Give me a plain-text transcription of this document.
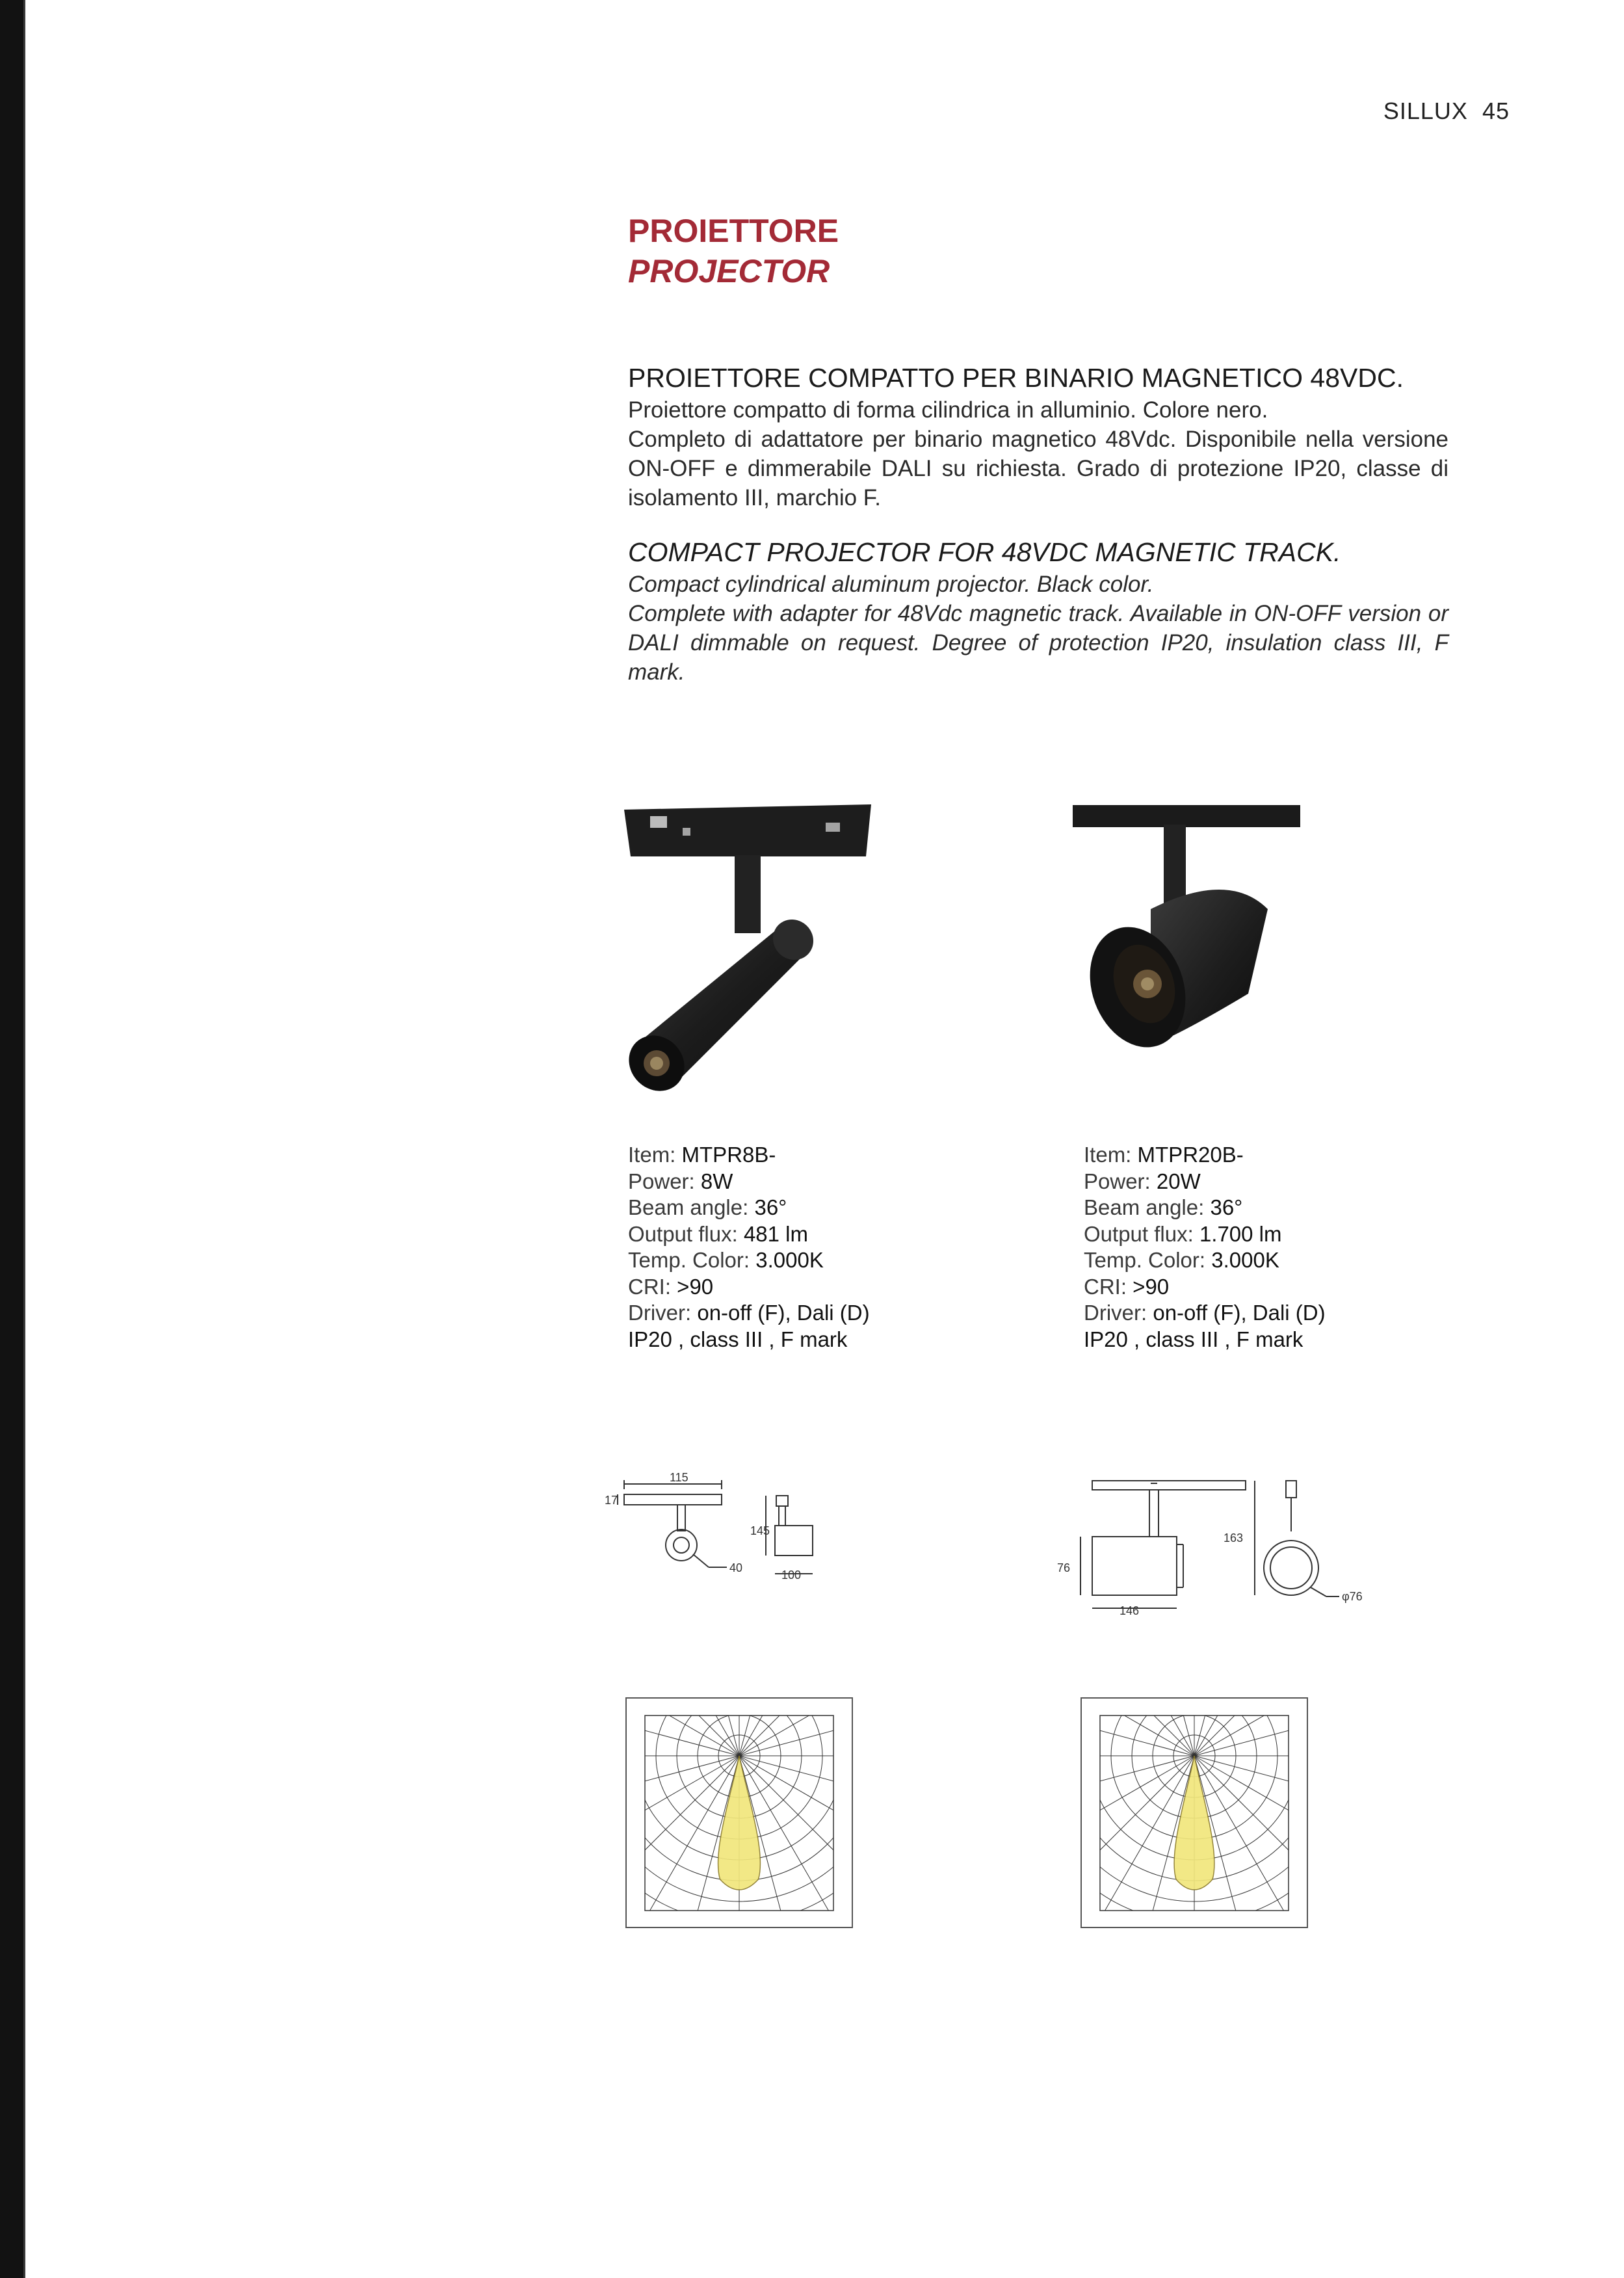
SILLUX 45
PROIETTORE
PROJECTOR
PROIETTORE COMPATTO PER BINARIO MAGNETICO 48VDC.
Proiettore compatto di forma cilindrica in alluminio. Colore nero.
Completo di adattatore per binario magnetico 48Vdc. Disponibile nella versione ON-OFF e dimmerabile DALI su richiesta. Grado di protezione IP20, classe di isolamento III, marchio F.
COMPACT PROJECTOR FOR 48VDC MAGNETIC TRACK.
Compact cylindrical aluminum projector. Black color.
Complete with adapter for 48Vdc magnetic track. Available in ON-OFF version or DALI dimmable on request. Degree of protection IP20, insulation class III, F mark.
Item: MTPR8B-
Power: 8W
Beam angle: 36°
Output flux: 481 lm
Temp. Color: 3.000K
CRI: >90
Driver: on-off (F), Dali (D)
IP20 , class III , F mark
Item: MTPR20B-
Power: 20W
Beam angle: 36°
Output flux: 1.700 lm
Temp. Color: 3.000K
CRI: >90
Driver: on-off (F), Dali (D)
IP20 , class III , F mark
115
17
40
145
100
76
163
146
φ76
